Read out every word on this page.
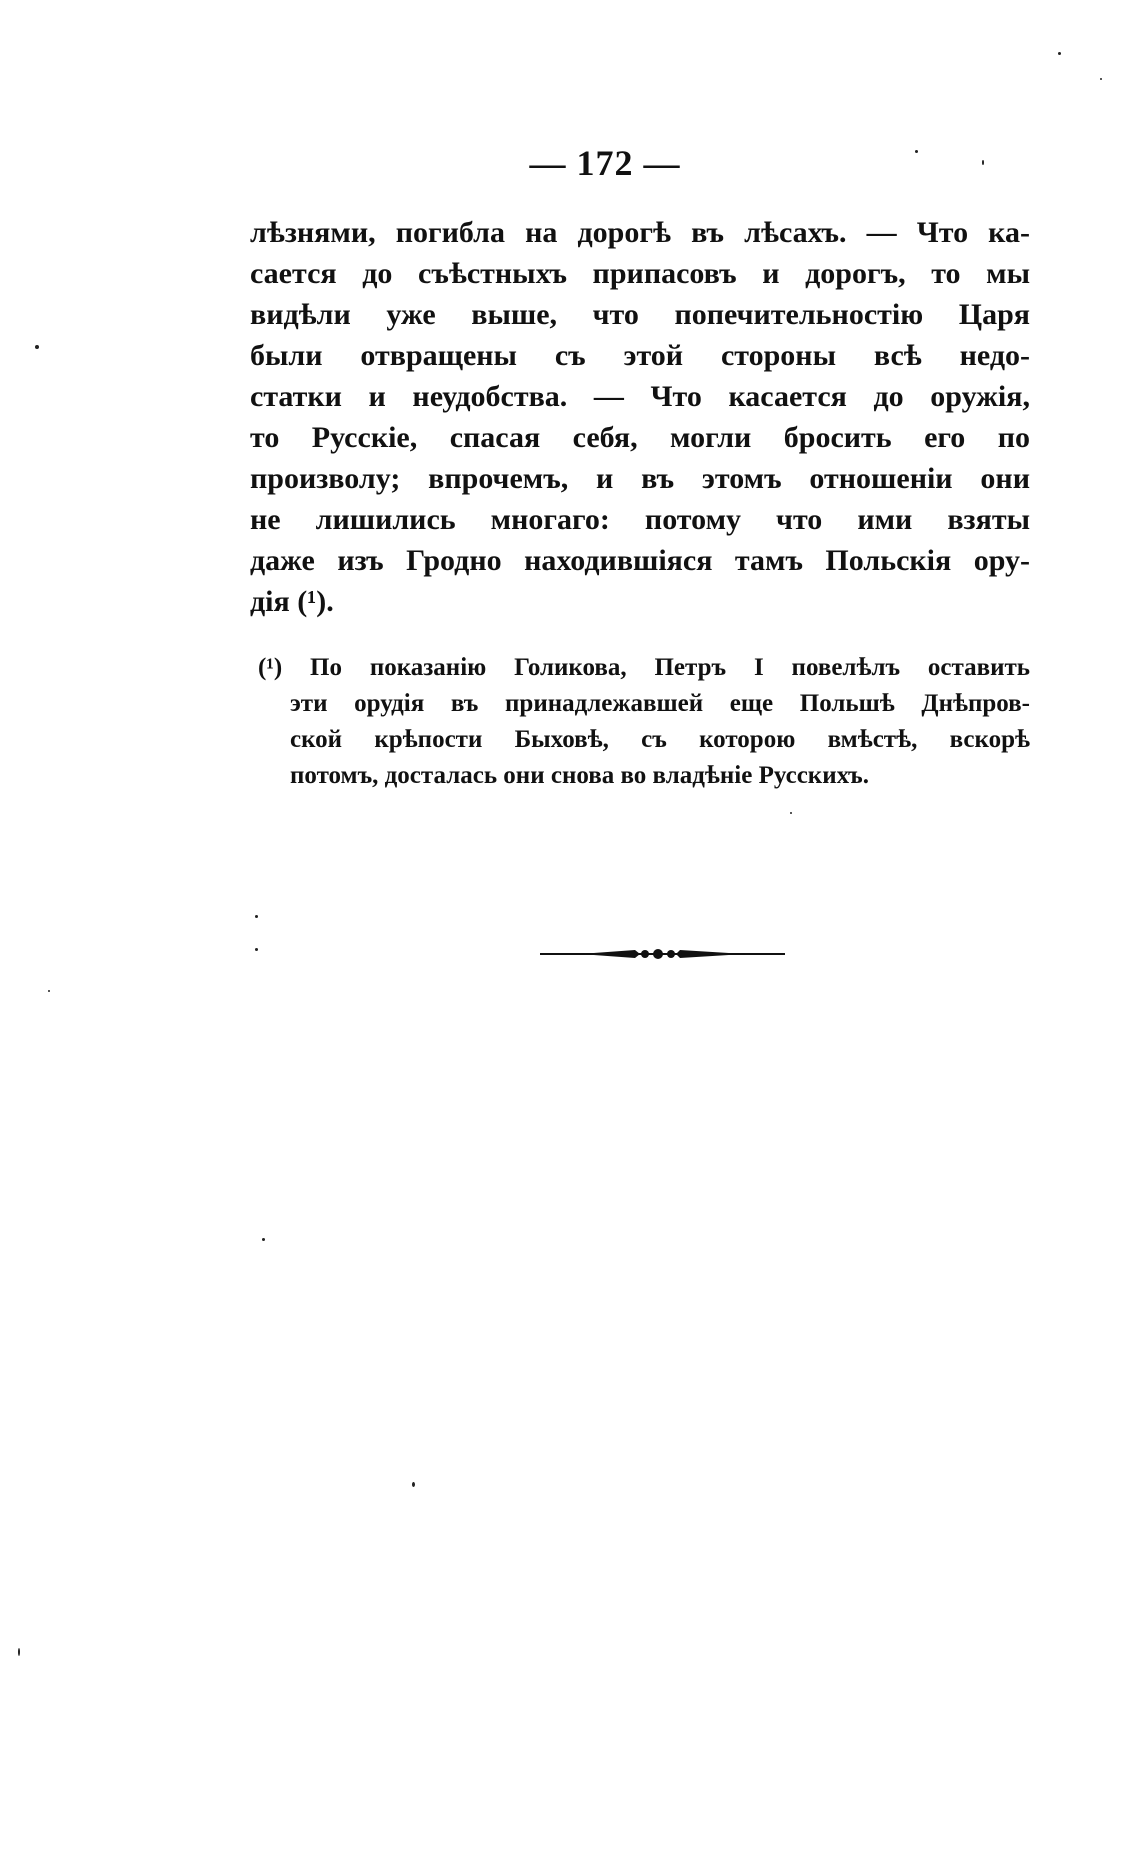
— 172 —
лѣзнями, погибла на дорогѣ въ лѣсахъ. — Что ка-
сается до съѣстныхъ припасовъ и дорогъ, то мы
видѣли уже выше, что попечительностію Царя
были отвращены съ этой стороны всѣ недо-
статки и неудобства. — Что касается до оружія,
то Русскіе, спасая себя, могли бросить его по
произволу; впрочемъ, и въ этомъ отношеніи они
не лишились многаго: потому что ими взяты
даже изъ Гродно находившіяся тамъ Польскія ору-
дія (¹).
(¹) По показанію Голикова, Петръ I повелѣлъ оставить
эти орудія въ принадлежавшей еще Польшѣ Днѣпров-
ской крѣпости Быховѣ, съ которою вмѣстѣ, вскорѣ
потомъ, досталась они снова во владѣніе Русскихъ.
